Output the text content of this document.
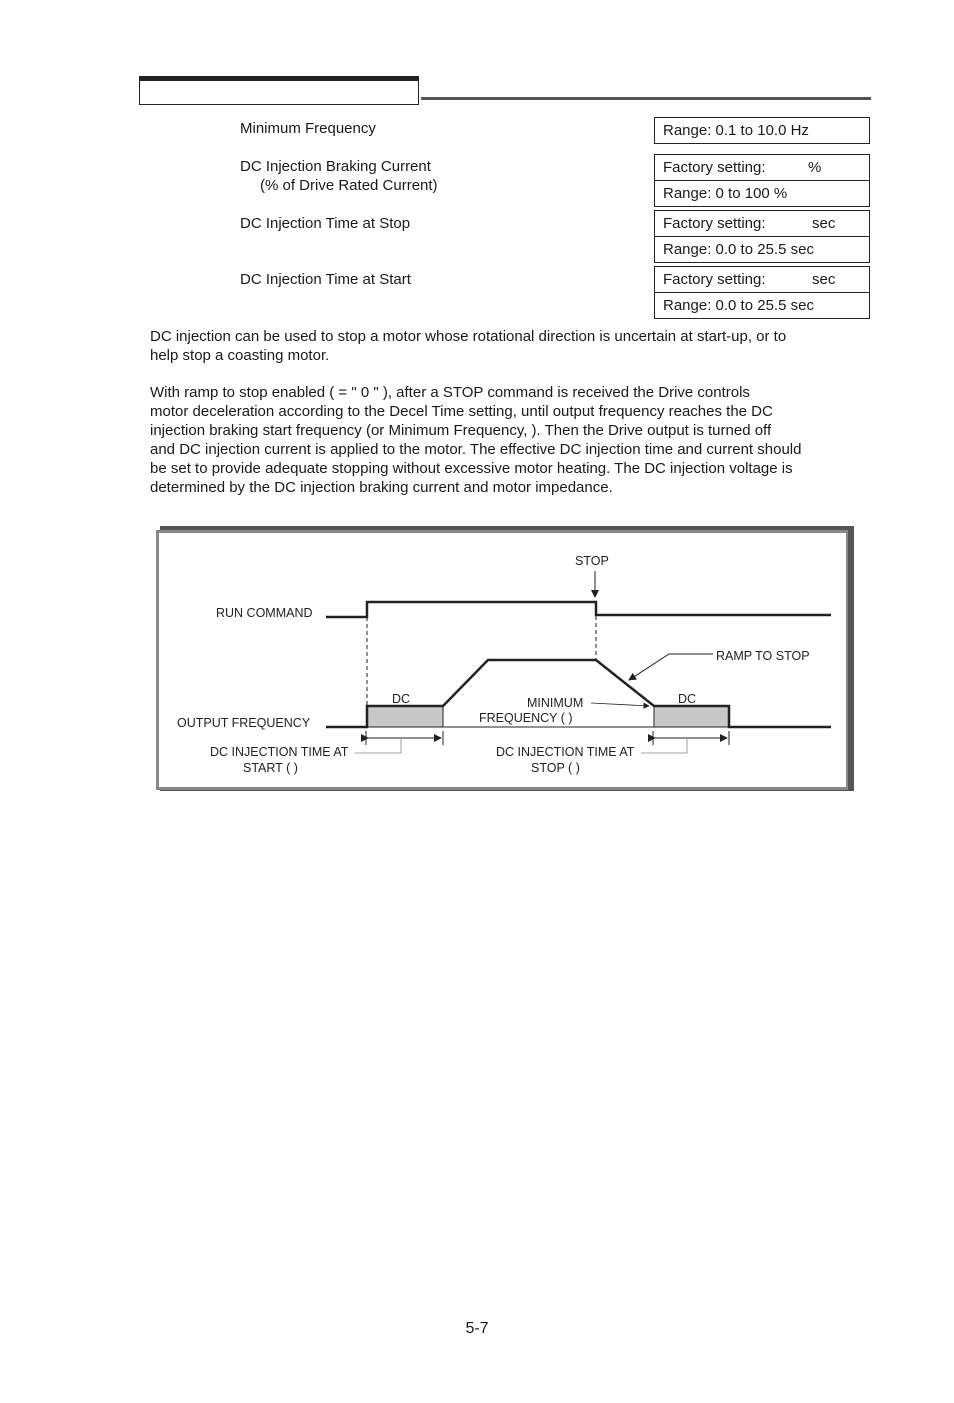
Minimum Frequency	Range: 0.1 to 10.0 Hz
DC Injection Braking Current
(% of Drive Rated Current)
Factory setting:	%
Range: 0 to 100 %
DC Injection Time at Stop	Factory setting:	sec
Range: 0.0 to 25.5 sec
DC Injection Time at Start	Factory setting:	sec
Range: 0.0 to 25.5 sec
DC injection can be used to stop a motor whose rotational direction is uncertain at start-up, or to
help stop a coasting motor.
With ramp to stop enabled ( = " 0 " ), after a STOP command is received the Drive controls
motor deceleration according to the Decel Time setting, until output frequency reaches the DC
injection braking start frequency (or Minimum Frequency, ). Then the Drive output is turned off
and DC injection current is applied to the motor. The effective DC injection time and current should
be set to provide adequate stopping without excessive motor heating. The DC injection voltage is
determined by the DC injection braking current and motor impedance.
STOP
RUN COMMAND
RAMP TO STOP
DC	DC
OUTPUT FREQUENCY
MINIMUM
FREQUENCY ( )
DC INJECTION TIME AT
START ( )
DC INJECTION TIME AT
STOP ( )
5-7
